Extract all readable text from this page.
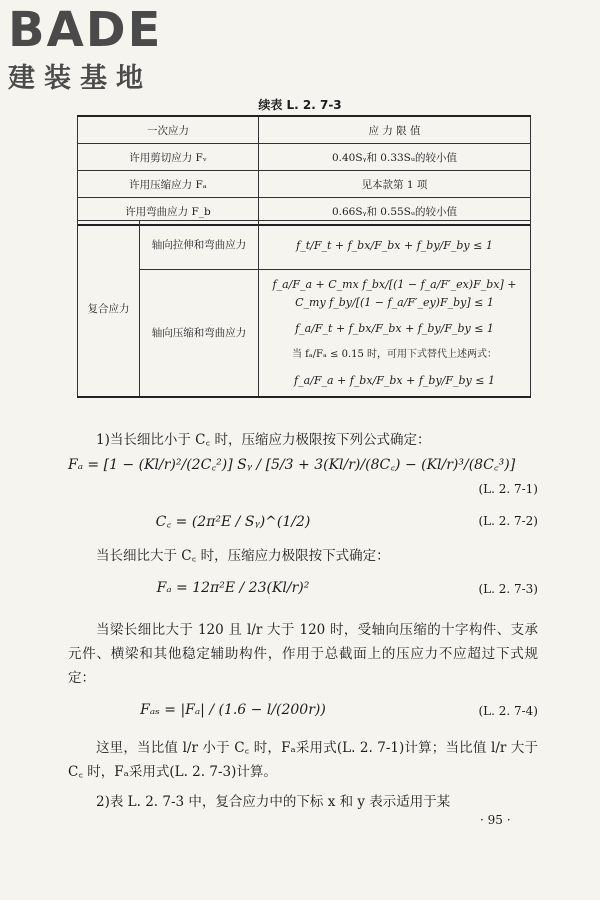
BADE
建装基地
续表 L. 2. 7-3
一次应力	应 力 限 值
许用剪切应力 Fᵥ	0.40Sᵧ和 0.33Sᵤ的较小值
许用压缩应力 Fₐ	见本款第 1 项
许用弯曲应力 F_b	0.66Sᵧ和 0.55Sᵤ的较小值
复合应力	轴向拉伸和弯曲应力	f_t/F_t + f_bx/F_bx + f_by/F_by ≤ 1
	轴向压缩和弯曲应力	f_a/F_a + C_mx f_bx/[(1 − f_a/F′_ex)F_bx] + C_my f_by/[(1 − f_a/F′_ey)F_by] ≤ 1
f_a/F_t + f_bx/F_bx + f_by/F_by ≤ 1
当 fₐ/Fₐ ≤ 0.15 时，可用下式替代上述两式：
f_a/F_a + f_bx/F_bx + f_by/F_by ≤ 1
1)当长细比小于 C꜀ 时，压缩应力极限按下列公式确定：
Fₐ = [1 − (Kl/r)²/(2C꜀²)] Sᵧ / [5/3 + 3(Kl/r)/(8C꜀) − (Kl/r)³/(8C꜀³)]
(L. 2. 7-1)
C꜀ = (2π²E / Sᵧ)^(1/2)	(L. 2. 7-2)
当长细比大于 C꜀ 时，压缩应力极限按下式确定：
Fₐ = 12π²E / 23(Kl/r)²	(L. 2. 7-3)
当梁长细比大于 120 且 l/r 大于 120 时，受轴向压缩的十字构件、支承元件、横梁和其他稳定辅助构件，作用于总截面上的压应力不应超过下式规定：
Fₐₛ = |Fₐ| / (1.6 − l/(200r))	(L. 2. 7-4)
这里，当比值 l/r 小于 C꜀ 时，Fₐ采用式(L. 2. 7-1)计算；当比值 l/r 大于 C꜀ 时，Fₐ采用式(L. 2. 7-3)计算。
2)表 L. 2. 7-3 中，复合应力中的下标 x 和 y 表示适用于某
· 95 ·
